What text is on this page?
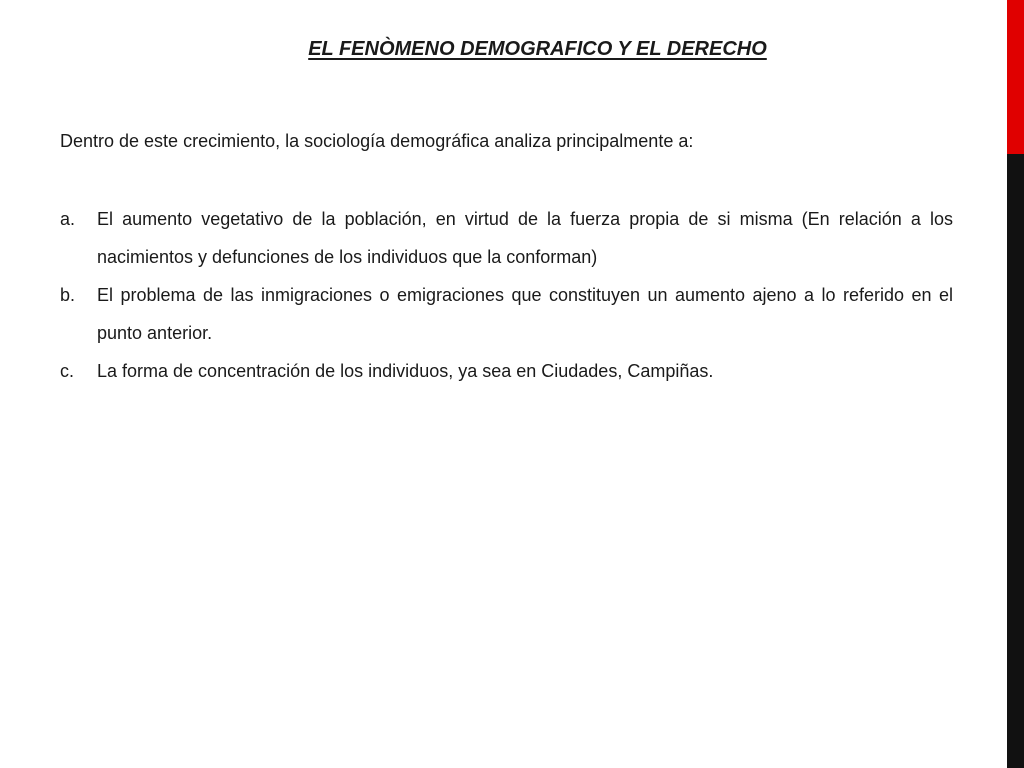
EL FENÒMENO DEMOGRAFICO Y EL DERECHO

Dentro de este crecimiento, la sociología demográfica analiza principalmente a:

a. El aumento vegetativo de la población, en virtud de la fuerza propia de si misma (En relación a los nacimientos y defunciones de los individuos que la conforman)
b. El problema de las inmigraciones o emigraciones que constituyen un aumento ajeno a lo referido en el punto anterior.
c. La forma de concentración de los individuos, ya sea en Ciudades, Campiñas.
